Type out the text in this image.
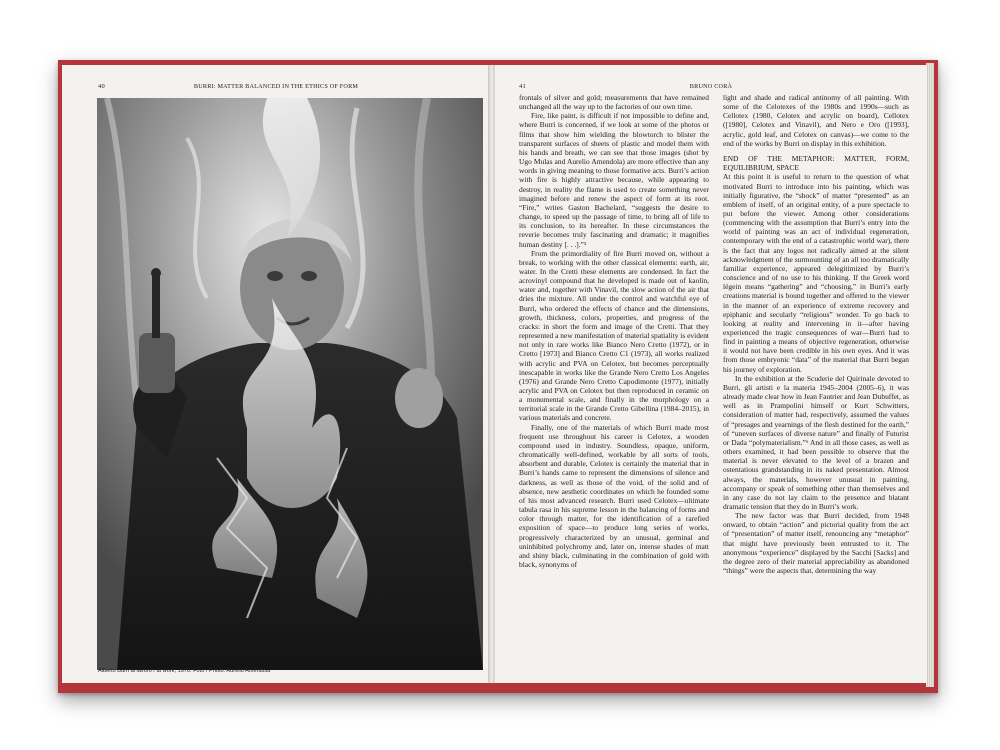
40	BURRI: MATTER BALANCED IN THE ETHICS OF FORM
Alberto Burri al lavoro / at work, 1976. Foto / Photo: Aurelio Amendola
41	BRUNO CORÀ

frontals of silver and gold; measurements that have remained unchanged all the way up to the factories of our own time.

Fire, like paint, is difficult if not impossible to define and, where Burri is concerned, if we look at some of the photos or films that show him wielding the blowtorch to blister the transparent surfaces of sheets of plastic and model them with his hands and breath, we can see that those images (shot by Ugo Mulas and Aurelio Amendola) are more effective than any words in giving meaning to those formative acts. Burri’s action with fire is highly attractive because, while appearing to destroy, in reality the flame is used to create something never imagined before and renew the aspect of form at its root. “Fire,” writes Gaston Bachelard, “suggests the desire to change, to speed up the passage of time, to bring all of life to its conclusion, to its hereafter. In these circumstances the reverie becomes truly fascinating and dramatic; it magnifies human destiny [. . .].”⁵

From the primordiality of fire Burri moved on, without a break, to working with the other classical elements: earth, air, water. In the Cretti these elements are condensed. In fact the acrovinyl compound that he developed is made out of kaolin, water and, together with Vinavil, the slow action of the air that dries the mixture. All under the control and watchful eye of Burri, who ordered the effects of chance and the dimensions, growth, thickness, colors, properties, and progress of the cracks: in short the form and image of the Cretti. That they represented a new manifestation of material spatiality is evident not only in rare works like Bianco Nero Cretto (1972), or in Cretto [1973] and Bianco Cretto C1 (1973), all works realized with acrylic and PVA on Celotex, but becomes perceptually inescapable in works like the Grande Nero Cretto Los Angeles (1976) and Grande Nero Cretto Capodimonte (1977), initially acrylic and PVA on Celotex but then reproduced in ceramic on a monumental scale, and finally in the morphology on a territorial scale in the Grande Cretto Gibellina (1984–2015), in various materials and concrete.

Finally, one of the materials of which Burri made most frequent use throughout his career is Celotex, a wooden compound used in industry. Soundless, opaque, uniform, chromatically well-defined, workable by all sorts of tools, absorbent and durable, Celotex is certainly the material that in Burri’s hands came to represent the dimensions of silence and darkness, as well as those of the void, of the solid and of absence, new aesthetic coordinates on which he founded some of his most advanced research. Burri used Celotex—ultimate tabula rasa in his supreme lesson in the balancing of forms and color through matter, for the identification of a rarefied exposition of space—to produce long series of works, progressively characterized by an unusual, germinal and uninhibited polychromy and, later on, intense shades of matt and shiny black, culminating in the combination of gold with black, synonyms of

light and shade and radical antinomy of all painting. With some of the Celotexes of the 1980s and 1990s—such as Cellotex (1980, Celotex and acrylic on board), Cellotex ([1980], Celotex and Vinavil), and Nero e Oro ([1993], acrylic, gold leaf, and Celotex on canvas)—we come to the end of the works by Burri on display in this exhibition.

END OF THE METAPHOR: MATTER, FORM, EQUILIBRIUM, SPACE

At this point it is useful to return to the question of what motivated Burri to introduce into his painting, which was initially figurative, the “shock” of matter “presented” as an emblem of itself, of an original entity, of a pure spectacle to put before the viewer. Among other considerations (commencing with the assumption that Burri’s entry into the world of painting was an act of individual regeneration, contemporary with the end of a catastrophic world war), there is the fact that any logos not radically aimed at the silent acknowledgment of the surmounting of an all too dramatically familiar experience, appeared delegitimized by Burri’s conscience and of no use to his thinking. If the Greek word légein means “gathering” and “choosing,” in Burri’s early creations material is bound together and offered to the viewer in the manner of an experience of extreme recovery and epiphanic and secularly “religious” wonder. To go back to looking at reality and intervening in it—after having experienced the tragic consequences of war—Burri had to find in painting a means of objective regeneration, otherwise it would not have been credible in his own eyes. And it was from those embryonic “data” of the material that Burri began his journey of exploration.

In the exhibition at the Scuderie del Quirinale devoted to Burri, gli artisti e la materia 1945–2004 (2005–6), it was already made clear how in Jean Fautrier and Jean Dubuffet, as well as in Prampolini himself or Kurt Schwitters, consideration of matter had, respectively, assumed the values of “presages and yearnings of the flesh destined for the earth,” of “uneven surfaces of diverse nature” and finally of Futurist or Dada “polymaterialism.”⁶ And in all those cases, as well as others examined, it had been possible to observe that the material is never elevated to the level of a brazen and ostentatious grandstanding in its naked presentation. Almost always, the materials, however unusual in painting, accompany or speak of something other than themselves and in any case do not lay claim to the presence and blatant dramatic tension that they do in Burri’s work.

The new factor was that Burri decided, from 1948 onward, to obtain “action” and pictorial quality from the act of “presentation” of matter itself, renouncing any “metaphor” that might have previously been entrusted to it. The anonymous “experience” displayed by the Sacchi [Sacks] and the degree zero of their material appreciability as abandoned “things” were the aspects that, determining the way
